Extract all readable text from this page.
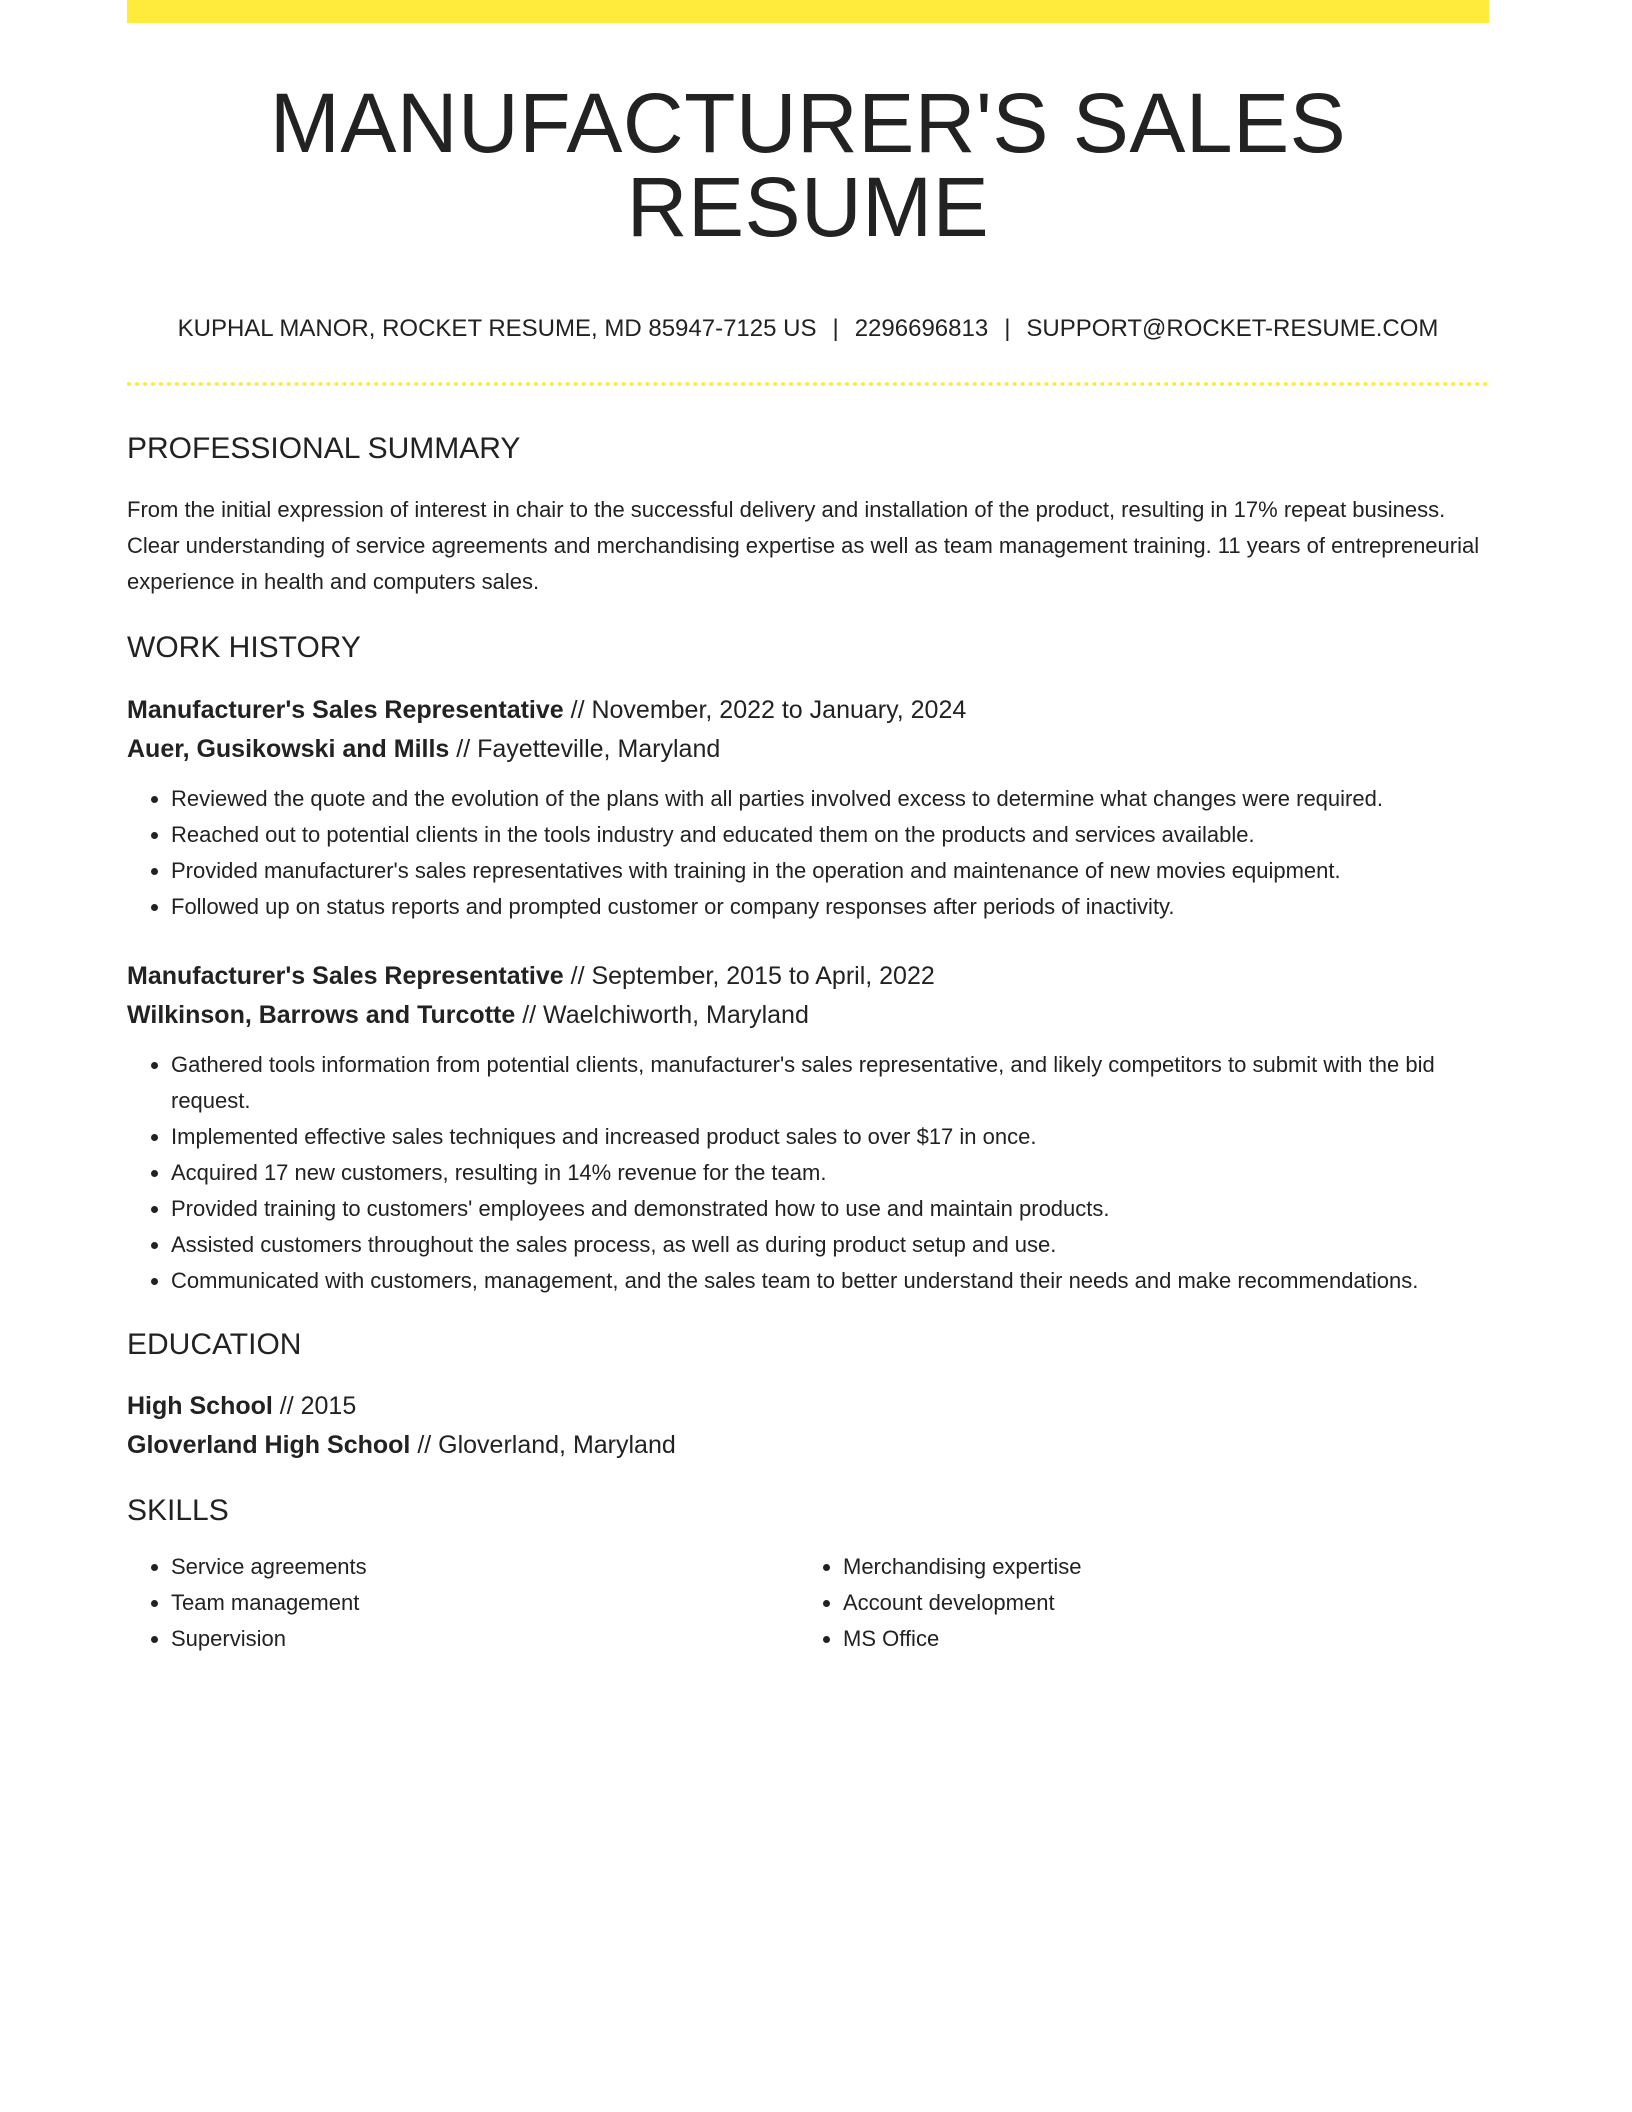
MANUFACTURER'S SALES RESUME
KUPHAL MANOR, ROCKET RESUME, MD 85947-7125 US | 2296696813 | SUPPORT@ROCKET-RESUME.COM
PROFESSIONAL SUMMARY

From the initial expression of interest in chair to the successful delivery and installation of the product, resulting in 17% repeat business. Clear understanding of service agreements and merchandising expertise as well as team management training. 11 years of entrepreneurial experience in health and computers sales.

WORK HISTORY
Manufacturer's Sales Representative // November, 2022 to January, 2024
Auer, Gusikowski and Mills // Fayetteville, Maryland
• Reviewed the quote and the evolution of the plans with all parties involved excess to determine what changes were required.
• Reached out to potential clients in the tools industry and educated them on the products and services available.
• Provided manufacturer's sales representatives with training in the operation and maintenance of new movies equipment.
• Followed up on status reports and prompted customer or company responses after periods of inactivity.
Manufacturer's Sales Representative // September, 2015 to April, 2022
Wilkinson, Barrows and Turcotte // Waelchiworth, Maryland
• Gathered tools information from potential clients, manufacturer's sales representative, and likely competitors to submit with the bid request.
• Implemented effective sales techniques and increased product sales to over $17 in once.
• Acquired 17 new customers, resulting in 14% revenue for the team.
• Provided training to customers' employees and demonstrated how to use and maintain products.
• Assisted customers throughout the sales process, as well as during product setup and use.
• Communicated with customers, management, and the sales team to better understand their needs and make recommendations.
EDUCATION
High School // 2015
Gloverland High School // Gloverland, Maryland
SKILLS
• Service agreements
• Team management
• Supervision
• Merchandising expertise
• Account development
• MS Office
